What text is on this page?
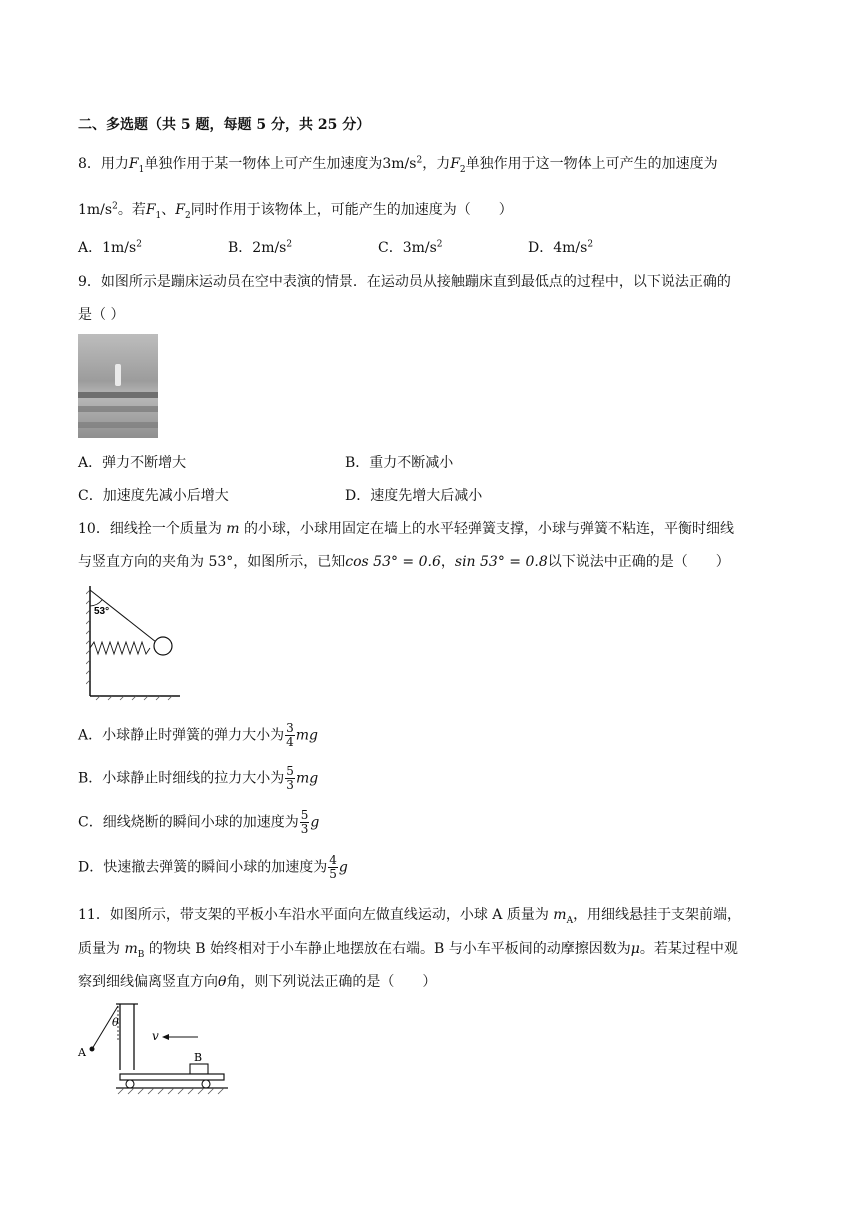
二、多选题（共 5 题，每题 5 分，共 25 分）
8．用力$F_1$单独作用于某一物体上可产生加速度为$3m/s^2$，力$F_2$单独作用于这一物体上可产生的加速度为
$1m/s^2$。若$F_1$、$F_2$同时作用于该物体上，可能产生的加速度为（　　）
A．$1m/s^2$	B．$2m/s^2$	C．$3m/s^2$	D．$4m/s^2$
9．如图所示是蹦床运动员在空中表演的情景．在运动员从接触蹦床直到最低点的过程中，以下说法正确的
是（ ）
A．弹力不断增大	B．重力不断减小
C．加速度先减小后增大	D．速度先增大后减小
10．细线拴一个质量为 m 的小球，小球用固定在墙上的水平轻弹簧支撑，小球与弹簧不粘连，平衡时细线
与竖直方向的夹角为 53°，如图所示，已知cos 53° = 0.6，sin 53° = 0.8以下说法中正确的是（　　）
53°
A．小球静止时弹簧的弹力大小为 $\frac{3}{4}$ mg
B．小球静止时细线的拉力大小为 $\frac{5}{3}$ mg
C．细线烧断的瞬间小球的加速度为 $\frac{5}{3}$ g
D．快速撤去弹簧的瞬间小球的加速度为 $\frac{4}{5}$ g
11．如图所示，带支架的平板小车沿水平面向左做直线运动，小球 A 质量为 $m_A$，用细线悬挂于支架前端，
质量为 $m_B$ 的物块 B 始终相对于小车静止地摆放在右端。B 与小车平板间的动摩擦因数为μ。若某过程中观
察到细线偏离竖直方向θ角，则下列说法正确的是（　　）
θ
A
v
B
